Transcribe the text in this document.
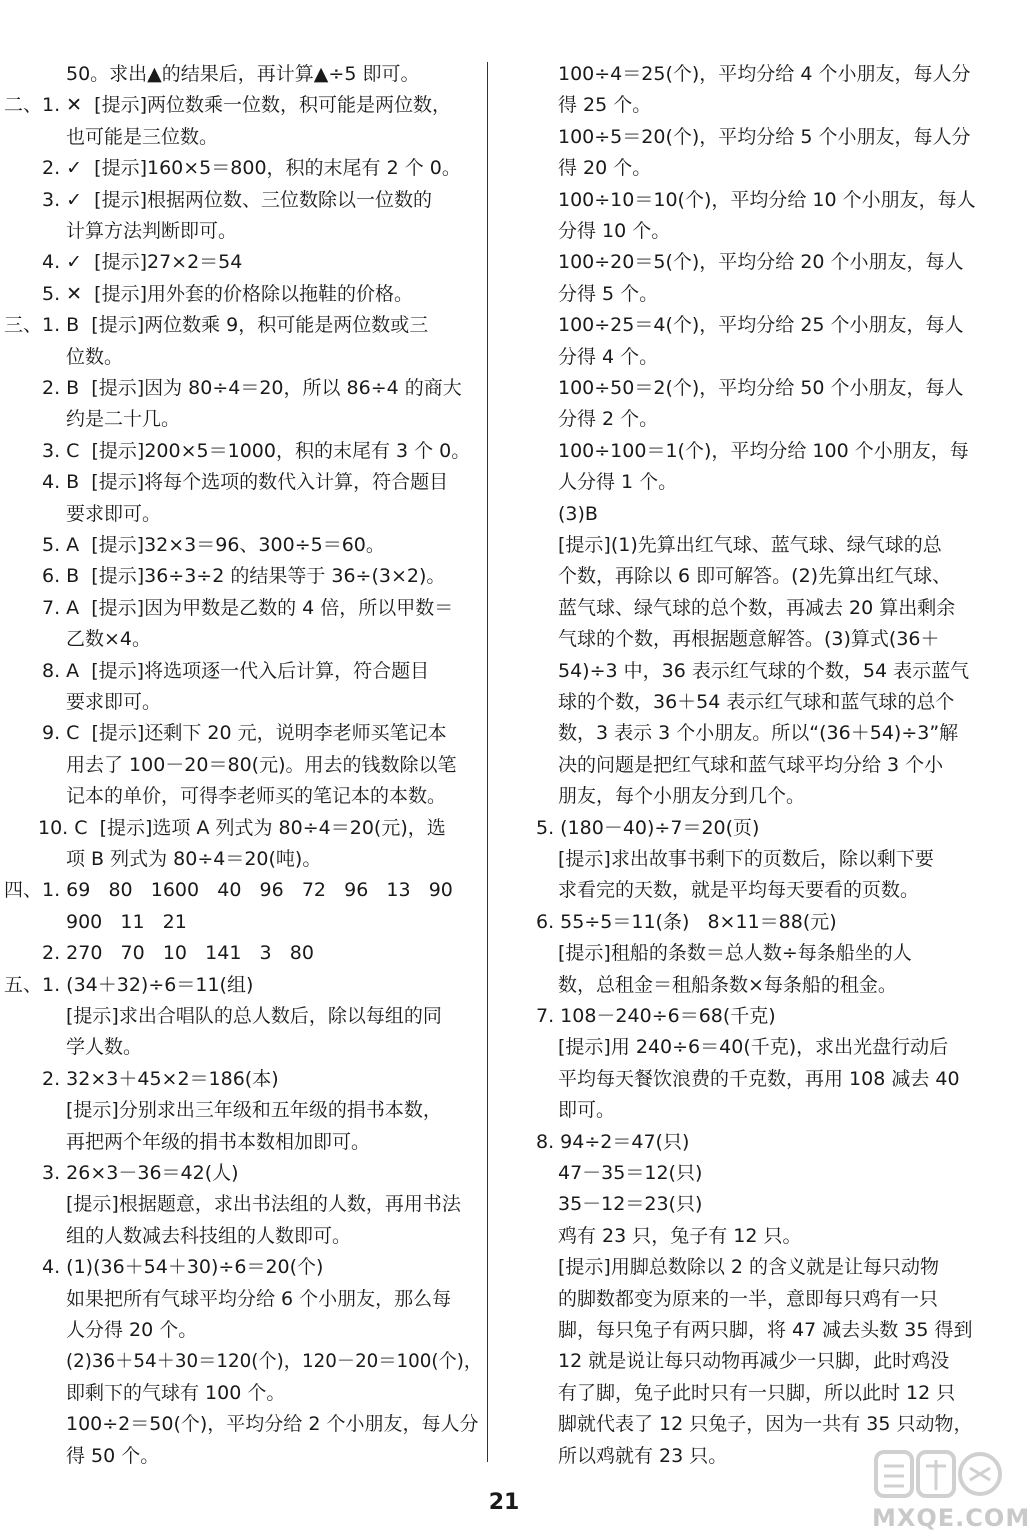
50。求出▲的结果后，再计算▲÷5 即可。
二、1. ✕  [提示]两位数乘一位数，积可能是两位数，
也可能是三位数。
2. ✓  [提示]160×5＝800，积的末尾有 2 个 0。
3. ✓  [提示]根据两位数、三位数除以一位数的
计算方法判断即可。
4. ✓  [提示]27×2＝54
5. ✕  [提示]用外套的价格除以拖鞋的价格。
三、1. B  [提示]两位数乘 9，积可能是两位数或三
位数。
2. B  [提示]因为 80÷4＝20，所以 86÷4 的商大
约是二十几。
3. C  [提示]200×5＝1000，积的末尾有 3 个 0。
4. B  [提示]将每个选项的数代入计算，符合题目
要求即可。
5. A  [提示]32×3＝96、300÷5＝60。
6. B  [提示]36÷3÷2 的结果等于 36÷(3×2)。
7. A  [提示]因为甲数是乙数的 4 倍，所以甲数＝
乙数×4。
8. A  [提示]将选项逐一代入后计算，符合题目
要求即可。
9. C  [提示]还剩下 20 元，说明李老师买笔记本
用去了 100－20＝80(元)。用去的钱数除以笔
记本的单价，可得李老师买的笔记本的本数。
10. C  [提示]选项 A 列式为 80÷4＝20(元)，选
项 B 列式为 80÷4＝20(吨)。
四、1. 69   80   1600   40   96   72   96   13   90
900   11   21
2. 270   70   10   141   3   80
五、1. (34＋32)÷6＝11(组)
[提示]求出合唱队的总人数后，除以每组的同
学人数。
2. 32×3＋45×2＝186(本)
[提示]分别求出三年级和五年级的捐书本数，
再把两个年级的捐书本数相加即可。
3. 26×3－36＝42(人)
[提示]根据题意，求出书法组的人数，再用书法
组的人数减去科技组的人数即可。
4. (1)(36＋54＋30)÷6＝20(个)
如果把所有气球平均分给 6 个小朋友，那么每
人分得 20 个。
(2)36＋54＋30＝120(个)，120－20＝100(个)，
即剩下的气球有 100 个。
100÷2＝50(个)，平均分给 2 个小朋友，每人分
得 50 个。
100÷4＝25(个)，平均分给 4 个小朋友，每人分
得 25 个。
100÷5＝20(个)，平均分给 5 个小朋友，每人分
得 20 个。
100÷10＝10(个)，平均分给 10 个小朋友，每人
分得 10 个。
100÷20＝5(个)，平均分给 20 个小朋友，每人
分得 5 个。
100÷25＝4(个)，平均分给 25 个小朋友，每人
分得 4 个。
100÷50＝2(个)，平均分给 50 个小朋友，每人
分得 2 个。
100÷100＝1(个)，平均分给 100 个小朋友，每
人分得 1 个。
(3)B
[提示](1)先算出红气球、蓝气球、绿气球的总
个数，再除以 6 即可解答。(2)先算出红气球、
蓝气球、绿气球的总个数，再减去 20 算出剩余
气球的个数，再根据题意解答。(3)算式(36＋
54)÷3 中，36 表示红气球的个数，54 表示蓝气
球的个数，36＋54 表示红气球和蓝气球的总个
数，3 表示 3 个小朋友。所以“(36＋54)÷3”解
决的问题是把红气球和蓝气球平均分给 3 个小
朋友，每个小朋友分到几个。
5. (180－40)÷7＝20(页)
[提示]求出故事书剩下的页数后，除以剩下要
求看完的天数，就是平均每天要看的页数。
6. 55÷5＝11(条)   8×11＝88(元)
[提示]租船的条数＝总人数÷每条船坐的人
数，总租金＝租船条数×每条船的租金。
7. 108－240÷6＝68(千克)
[提示]用 240÷6＝40(千克)，求出光盘行动后
平均每天餐饮浪费的千克数，再用 108 减去 40
即可。
8. 94÷2＝47(只)
47－35＝12(只)
35－12＝23(只)
鸡有 23 只，兔子有 12 只。
[提示]用脚总数除以 2 的含义就是让每只动物
的脚数都变为原来的一半，意即每只鸡有一只
脚，每只兔子有两只脚，将 47 减去头数 35 得到
12 就是说让每只动物再减少一只脚，此时鸡没
有了脚，兔子此时只有一只脚，所以此时 12 只
脚就代表了 12 只兔子，因为一共有 35 只动物，
所以鸡就有 23 只。
21
MXQE.COM
